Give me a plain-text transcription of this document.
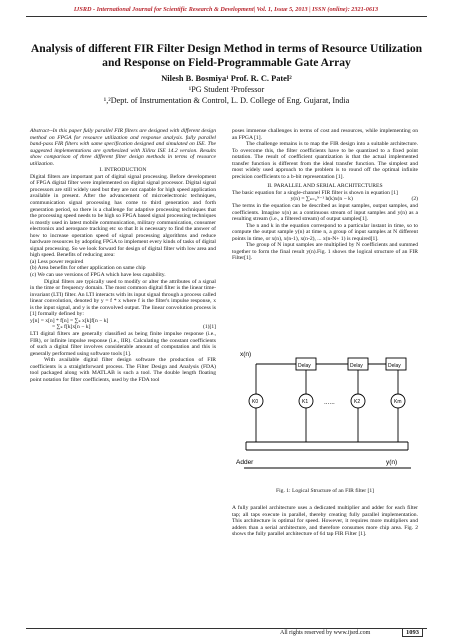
IJSRD - International Journal for Scientific Research & Development| Vol. 1, Issue 5, 2013 | ISSN (online): 2321-0613
Analysis of different FIR Filter Design Method in terms of Resource Utilization and Response on Field-Programmable Gate Array
Nilesh B. Bosmiya¹ Prof. R. C. Patel²
¹PG Student ²Professor
¹,²Dept. of Instrumentation & Control, L. D. College of Eng. Gujarat, India

Abstract--In this paper fully parallel FIR filters are designed with different design method on FPGA for resource utilization and response analysis. fully parallel band-pass FIR filters with same specification designed and simulated on ISE. The suggested implementations are synthesized with Xilinx ISE 14.2 version. Results show comparison of three different filter design methods in terms of resource utilization.

I. INTRODUCTION

Digital filters are important part of digital signal processing. Before development of FPGA digital filter were implemented on digital signal processor. Digital signal processors are still widely used but they are not capable for high speed application available in present. After the advancement of microelectronic techniques, communication signal processing has come to third generation and forth generation period, so there is a challenge for adaptive processing techniques that the processing speed needs to be high so FPGA based signal processing techniques is mostly used in latest mobile communication, military communication, consumer electronics and aerospace tracking etc so that It is necessary to find the answer of how to increase operation speed of signal processing algorithms and reduce hardware resources by adopting FPGA to implement every kinds of tasks of digital signal processing. So we look forward for design of digital filter with low area and high speed. Benefits of reducing area:

(a) Less power required

(b) Area benefits for other application on same chip

(c) We can use versions of FPGA which have less capability.

Digital filters are typically used to modify or alter the attributes of a signal in the time or frequency domain. The most common digital filter is the linear time-invariant (LTI) filter. An LTI interacts with its input signal through a process called linear convolution, denoted by y = f * x where f is the filter's impulse response, x is the input signal, and y is the convolved output. The linear convolution process is [1] formally defined by:

y[n] = x[n] * f[n] = ∑ₖ x[k]f[n − k]

= ∑ₖ f[k]x[n − k]	(1)[1]

LTI digital filters are generally classified as being finite impulse response (i.e., FIR), or infinite impulse response (i.e., IIR). Calculating the constant coefficients of such a digital filter involves considerable amount of computation and this is generally performed using software tools [1].

With available digital filter design software the production of FIR coefficients is a straightforward process. The Filter Design and Analysis (FDA) tool packaged along with MATLAB is such a tool. The double length floating point notation for filter coefficients, used by the FDA tool

poses immense challenges in terms of cost and resources, while implementing on an FPGA [1].

The challenge remains is to map the FIR design into a suitable architecture. To overcome this, the filter coefficients have to be quantized to a fixed point notation. The result of coefficient quantization is that the actual implemented transfer function is different from the ideal transfer function. The simplest and most widely used approach to the problem is to round off the optimal infinite precision coefficients to a b-bit representation [1].

II. PARALLEL AND SERIAL ARCHITECTURES

The basic equation for a single-channel FIR filter is shown in equation [1]

y(n) = ∑ₖ₌₀ᴺ⁻¹ h(k)x(n − k)	(2)

The terms in the equation can be described as input samples, output samples, and coefficients. Imagine x(n) as a continuous stream of input samples and y(n) as a resulting stream (i.e., a filtered stream) of output samples[1].

The n and k in the equation correspond to a particular instant in time, so to compute the output sample y(n) at time n, a group of input samples at N different points in time, or x(n), x(n-1), x(n-2), ... x(n-N+ 1) is required[1].

The group of N input samples are multiplied by N coefficients and summed together to form the final result y(n).Fig. 1 shows the logical structure of an FIR Filter[1].

x(n)
Delay	Delay	Delay
K0	K1	K2	Km
......
Adder	y(n)
Fig. 1: Logical Structure of an FIR filter [1]
A fully parallel architecture uses a dedicated multiplier and adder for each filter tap; all taps execute in parallel, thereby creating fully parallel implementation. This architecture is optimal for speed. However, it requires more multipliers and adders than a serial architecture, and therefore consumes more chip area. Fig. 2 shows the fully parallel architecture of 64 tap FIR Filter [1].
All rights reserved by www.ijsrd.com	1093
